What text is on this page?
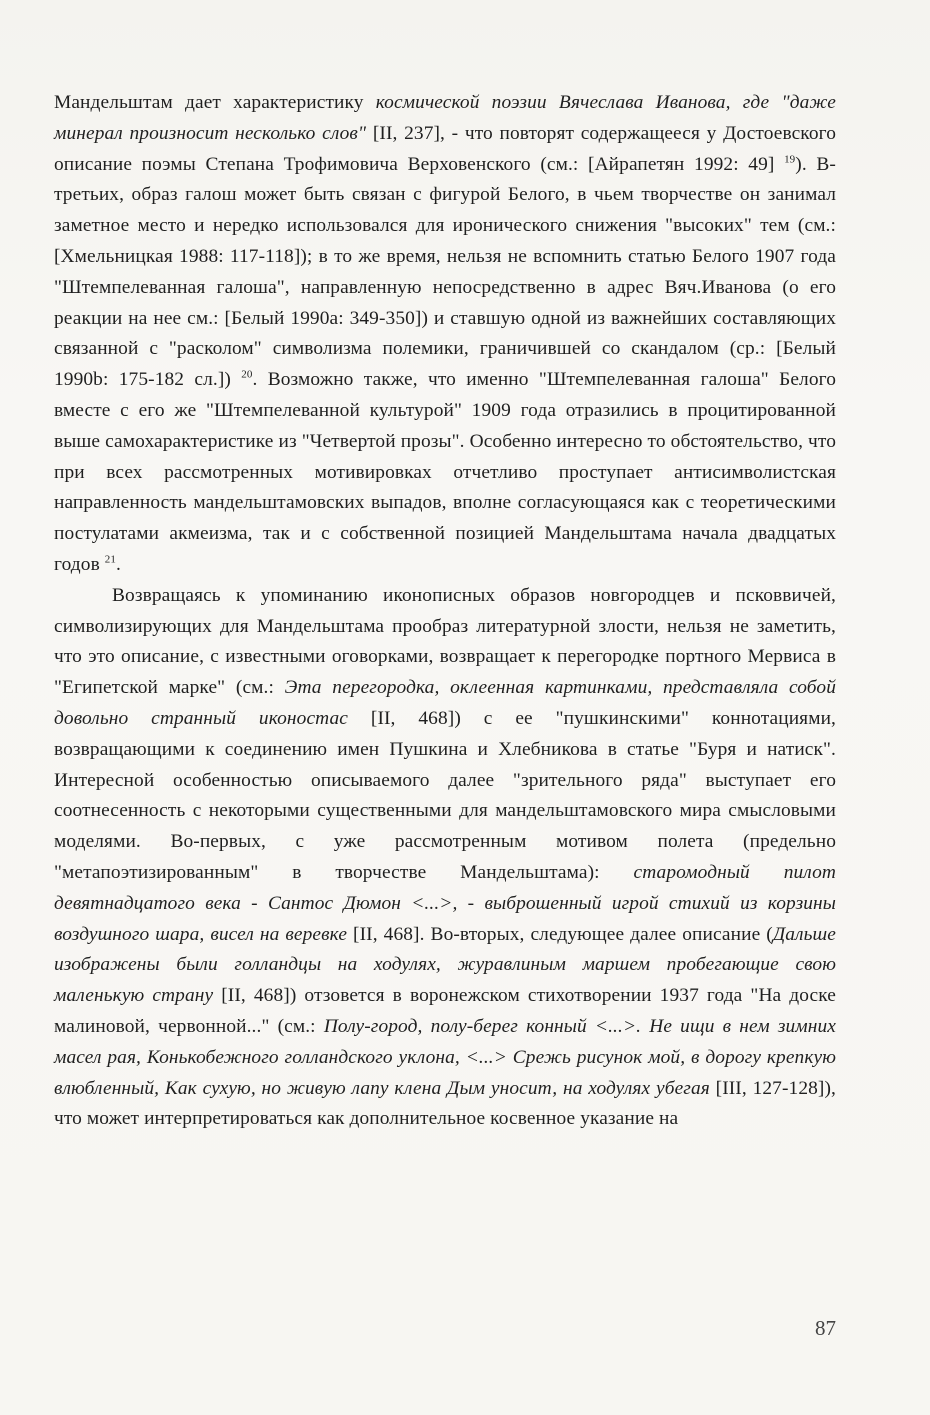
Мандельштам дает характеристику космической поэзии Вячеслава Иванова, где "даже минерал произносит несколько слов" [II, 237], - что повторят содержащееся у Достоевского описание поэмы Степана Трофимовича Верховенского (см.: [Айрапетян 1992: 49] $^{19}$). В-третьих, образ галош может быть связан с фигурой Белого, в чьем творчестве он занимал заметное место и нередко использовался для иронического снижения "высоких" тем (см.: [Хмельницкая 1988: 117-118]); в то же время, нельзя не вспомнить статью Белого 1907 года "Штемпелеванная галоша", направленную непосредственно в адрес Вяч.Иванова (о его реакции на нее см.: [Белый 1990a: 349-350]) и ставшую одной из важнейших составляющих связанной с "расколом" символизма полемики, граничившей со скандалом (ср.: [Белый 1990b: 175-182 сл.]) $^{20}$. Возможно также, что именно "Штемпелеванная галоша" Белого вместе с его же "Штемпелеванной культурой" 1909 года отразились в процитированной выше самохарактеристике из "Четвертой прозы". Особенно интересно то обстоятельство, что при всех рассмотренных мотивировках отчетливо проступает антисимволистская направленность мандельштамовских выпадов, вполне согласующаяся как с теоретическими постулатами акмеизма, так и с собственной позицией Мандельштама начала двадцатых годов $^{21}$.

Возвращаясь к упоминанию иконописных образов новгородцев и псковвичей, символизирующих для Мандельштама прообраз литературной злости, нельзя не заметить, что это описание, с известными оговорками, возвращает к перегородке портного Мервиса в "Египетской марке" (см.: Эта перегородка, оклеенная картинками, представляла собой довольно странный иконостас [II, 468]) с ее "пушкинскими" коннотациями, возвращающими к соединению имен Пушкина и Хлебникова в статье "Буря и натиск". Интересной особенностью описываемого далее "зрительного ряда" выступает его соотнесенность с некоторыми существенными для мандельштамовского мира смысловыми моделями. Во-первых, с уже рассмотренным мотивом полета (предельно "метапоэтизированным" в творчестве Мандельштама): старомодный пилот девятнадцатого века - Сантос Дюмон <...>, - выброшенный игрой стихий из корзины воздушного шара, висел на веревке [II, 468]. Во-вторых, следующее далее описание (Дальше изображены были голландцы на ходулях, журавлиным маршем пробегающие свою маленькую страну [II, 468]) отзовется в воронежском стихотворении 1937 года "На доске малиновой, червонной..." (см.: Полу-город, полу-берег конный <...>. Не ищи в нем зимних масел рая, Конькобежного голландского уклона, <...> Срежь рисунок мой, в дорогу крепкую влюбленный, Как сухую, но живую лапу клена Дым уносит, на ходулях убегая [III, 127-128]), что может интерпретироваться как дополнительное косвенное указание на

87
